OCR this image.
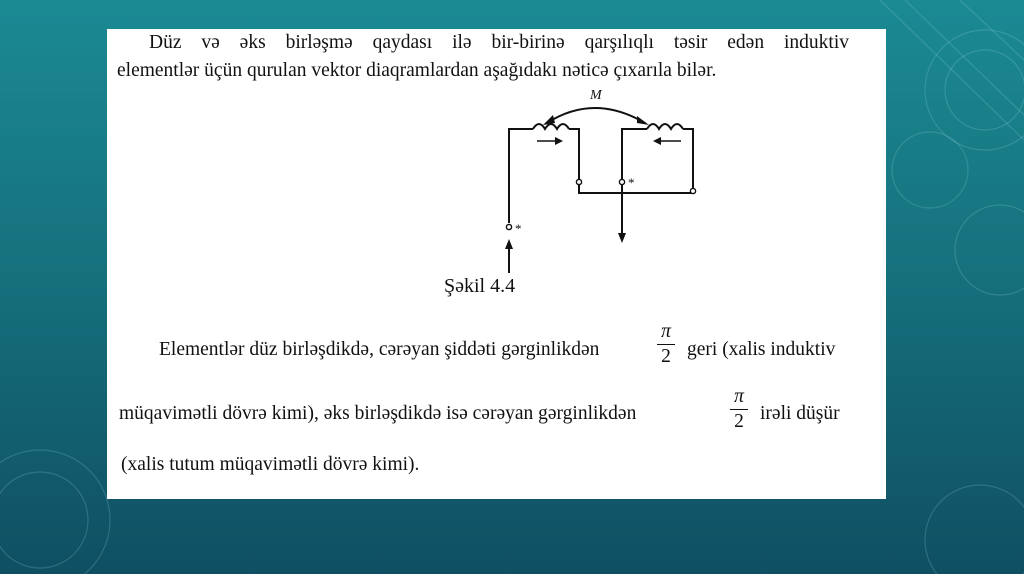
Düz və əks birləşmə qaydası ilə bir-birinə qarşılıqlı təsir edən induktiv
elementlər üçün qurulan vektor diaqramlardan aşağıdakı nəticə çıxarıla bilər.
M
*
*
Şəkil 4.4
Elementlər düz birləşdikdə, cərəyan şiddəti gərginlikdən
π
2 geri (xalis induktiv
müqavimətli dövrə kimi), əks birləşdikdə isə cərəyan gərginlikdən
π
2 irəli düşür
(xalis tutum müqavimətli dövrə kimi).
